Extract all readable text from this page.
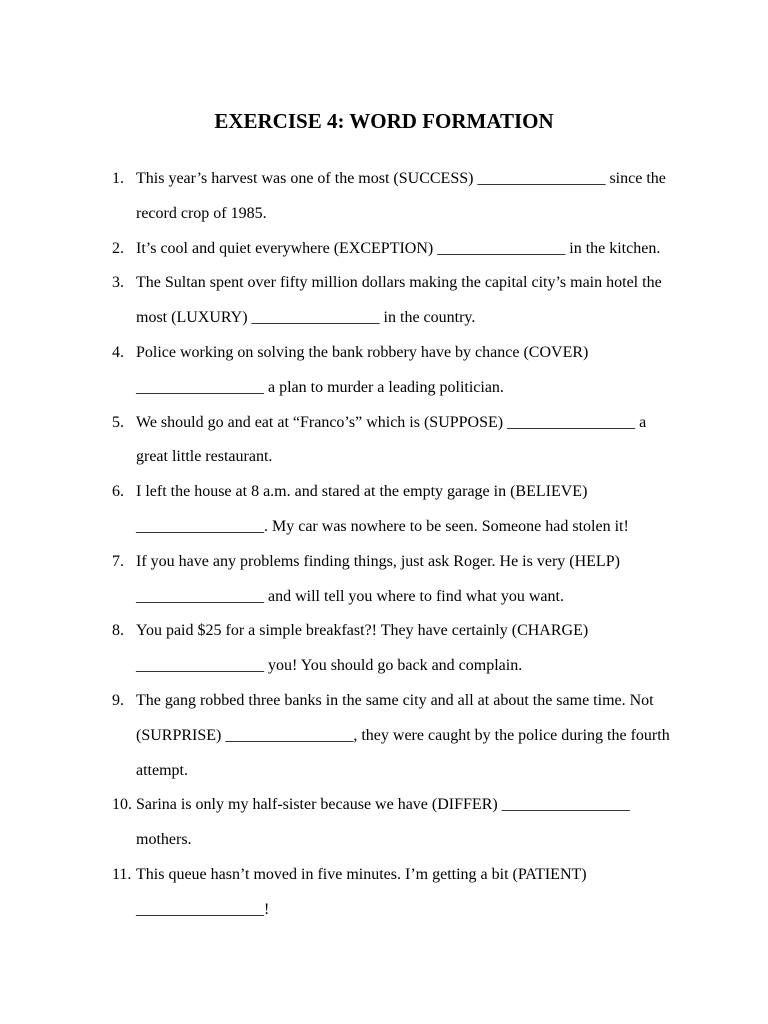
EXERCISE 4: WORD FORMATION
1. This year’s harvest was one of the most (SUCCESS) ________________ since the record crop of 1985.
2. It’s cool and quiet everywhere (EXCEPTION) ________________ in the kitchen.
3. The Sultan spent over fifty million dollars making the capital city’s main hotel the most (LUXURY) ________________ in the country.
4. Police working on solving the bank robbery have by chance (COVER) ________________ a plan to murder a leading politician.
5. We should go and eat at “Franco’s” which is (SUPPOSE) ________________ a great little restaurant.
6. I left the house at 8 a.m. and stared at the empty garage in (BELIEVE) ________________. My car was nowhere to be seen. Someone had stolen it!
7. If you have any problems finding things, just ask Roger. He is very (HELP) ________________ and will tell you where to find what you want.
8. You paid $25 for a simple breakfast?! They have certainly (CHARGE) ________________ you! You should go back and complain.
9. The gang robbed three banks in the same city and all at about the same time. Not (SURPRISE) ________________, they were caught by the police during the fourth attempt.
10. Sarina is only my half-sister because we have (DIFFER) ________________ mothers.
11. This queue hasn’t moved in five minutes. I’m getting a bit (PATIENT) ________________!
